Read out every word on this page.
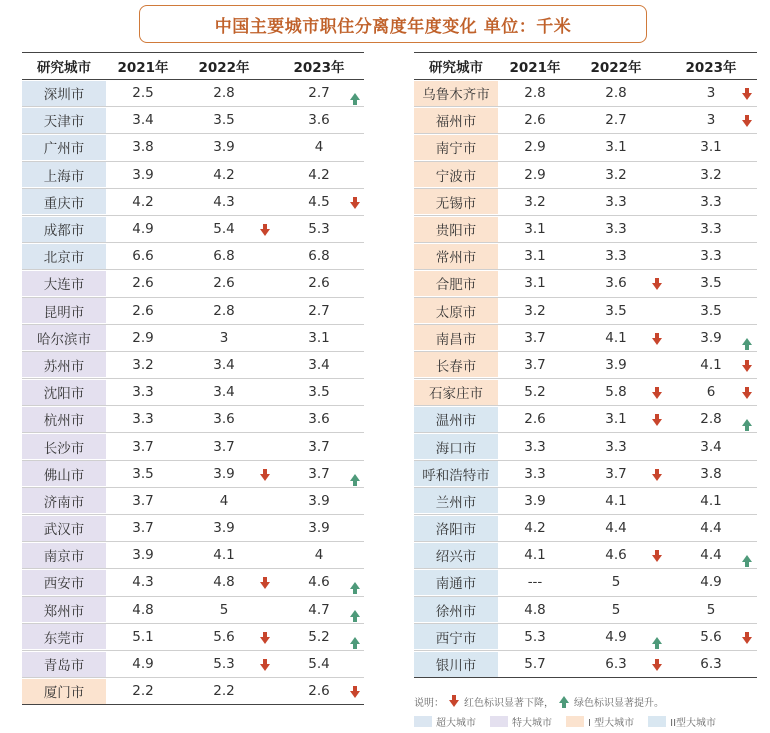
中国主要城市职住分离度年度变化 单位：千米
研究城市	2021年	2022年	2023年
深圳市	2.5	2.8	2.7
天津市	3.4	3.5	3.6
广州市	3.8	3.9	4
上海市	3.9	4.2	4.2
重庆市	4.2	4.3	4.5
成都市	4.9	5.4	5.3
北京市	6.6	6.8	6.8
大连市	2.6	2.6	2.6
昆明市	2.6	2.8	2.7
哈尔滨市	2.9	3	3.1
苏州市	3.2	3.4	3.4
沈阳市	3.3	3.4	3.5
杭州市	3.3	3.6	3.6
长沙市	3.7	3.7	3.7
佛山市	3.5	3.9	3.7
济南市	3.7	4	3.9
武汉市	3.7	3.9	3.9
南京市	3.9	4.1	4
西安市	4.3	4.8	4.6
郑州市	4.8	5	4.7
东莞市	5.1	5.6	5.2
青岛市	4.9	5.3	5.4
厦门市	2.2	2.2	2.6
研究城市	2021年	2022年	2023年
乌鲁木齐市	2.8	2.8	3
福州市	2.6	2.7	3
南宁市	2.9	3.1	3.1
宁波市	2.9	3.2	3.2
无锡市	3.2	3.3	3.3
贵阳市	3.1	3.3	3.3
常州市	3.1	3.3	3.3
合肥市	3.1	3.6	3.5
太原市	3.2	3.5	3.5
南昌市	3.7	4.1	3.9
长春市	3.7	3.9	4.1
石家庄市	5.2	5.8	6
温州市	2.6	3.1	2.8
海口市	3.3	3.3	3.4
呼和浩特市	3.3	3.7	3.8
兰州市	3.9	4.1	4.1
洛阳市	4.2	4.4	4.4
绍兴市	4.1	4.6	4.4
南通市	---	5	4.9
徐州市	4.8	5	5
西宁市	5.3	4.9	5.6
银川市	5.7	6.3	6.3
说明： 红色标识显著下降， 绿色标识显著提升。
超大城市	特大城市	I 型大城市	II型大城市
